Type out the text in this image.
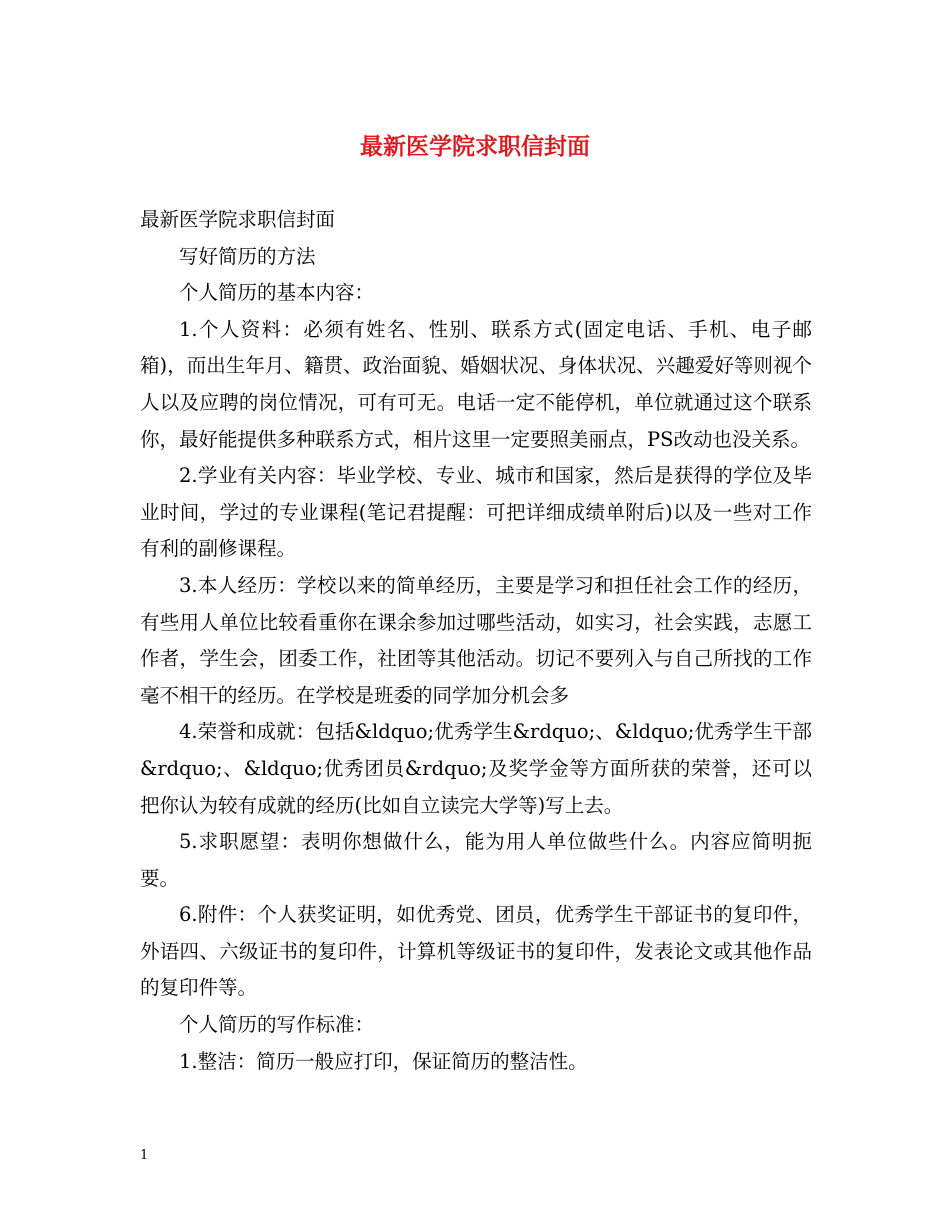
最新医学院求职信封面

最新医学院求职信封面

写好简历的方法

个人简历的基本内容：

1.个人资料：必须有姓名、性别、联系方式(固定电话、手机、电子邮箱)，而出生年月、籍贯、政治面貌、婚姻状况、身体状况、兴趣爱好等则视个人以及应聘的岗位情况，可有可无。电话一定不能停机，单位就通过这个联系你，最好能提供多种联系方式，相片这里一定要照美丽点，PS改动也没关系。

2.学业有关内容：毕业学校、专业、城市和国家，然后是获得的学位及毕业时间，学过的专业课程(笔记君提醒：可把详细成绩单附后)以及一些对工作有利的副修课程。

3.本人经历：学校以来的简单经历，主要是学习和担任社会工作的经历，有些用人单位比较看重你在课余参加过哪些活动，如实习，社会实践，志愿工作者，学生会，团委工作，社团等其他活动。切记不要列入与自己所找的工作毫不相干的经历。在学校是班委的同学加分机会多

4.荣誉和成就：包括&ldquo;优秀学生&rdquo;、&ldquo;优秀学生干部&rdquo;、&ldquo;优秀团员&rdquo;及奖学金等方面所获的荣誉，还可以把你认为较有成就的经历(比如自立读完大学等)写上去。

5.求职愿望：表明你想做什么，能为用人单位做些什么。内容应简明扼要。

6.附件：个人获奖证明，如优秀党、团员，优秀学生干部证书的复印件，外语四、六级证书的复印件，计算机等级证书的复印件，发表论文或其他作品的复印件等。

个人简历的写作标准：

1.整洁：简历一般应打印，保证简历的整洁性。

1
